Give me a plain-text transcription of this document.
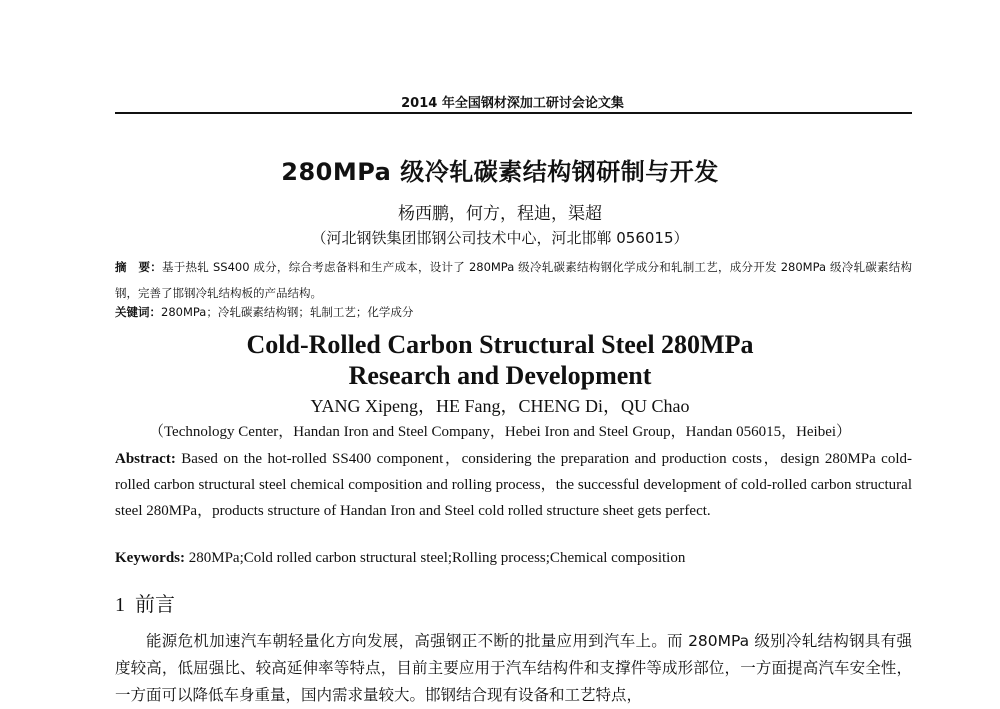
2014 年全国钢材深加工研讨会论文集
280MPa 级冷轧碳素结构钢研制与开发
杨西鹏，何方，程迪，渠超
（河北钢铁集团邯钢公司技术中心，河北邯郸 056015）
摘　要：基于热轧 SS400 成分，综合考虑备料和生产成本，设计了 280MPa 级冷轧碳素结构钢化学成分和轧制工艺，成分开发 280MPa 级冷轧碳素结构钢，完善了邯钢冷轧结构板的产品结构。
关键词：280MPa；冷轧碳素结构钢；轧制工艺；化学成分
Cold-Rolled Carbon Structural Steel 280MPa
Research and Development
YANG Xipeng，HE Fang，CHENG Di，QU Chao
（Technology Center，Handan Iron and Steel Company，Hebei Iron and Steel Group，Handan 056015，Heibei）
Abstract: Based on the hot-rolled SS400 component，considering the preparation and production costs，design 280MPa cold-rolled carbon structural steel chemical composition and rolling process，the successful development of cold-rolled carbon structural steel 280MPa，products structure of Handan Iron and Steel cold rolled structure sheet gets perfect.
Keywords: 280MPa;Cold rolled carbon structural steel;Rolling process;Chemical composition
1 前言
能源危机加速汽车朝轻量化方向发展，高强钢正不断的批量应用到汽车上。而 280MPa 级别冷轧结构钢具有强度较高，低屈强比、较高延伸率等特点，目前主要应用于汽车结构件和支撑件等成形部位，一方面提高汽车安全性，一方面可以降低车身重量，国内需求量较大。邯钢结合现有设备和工艺特点，
